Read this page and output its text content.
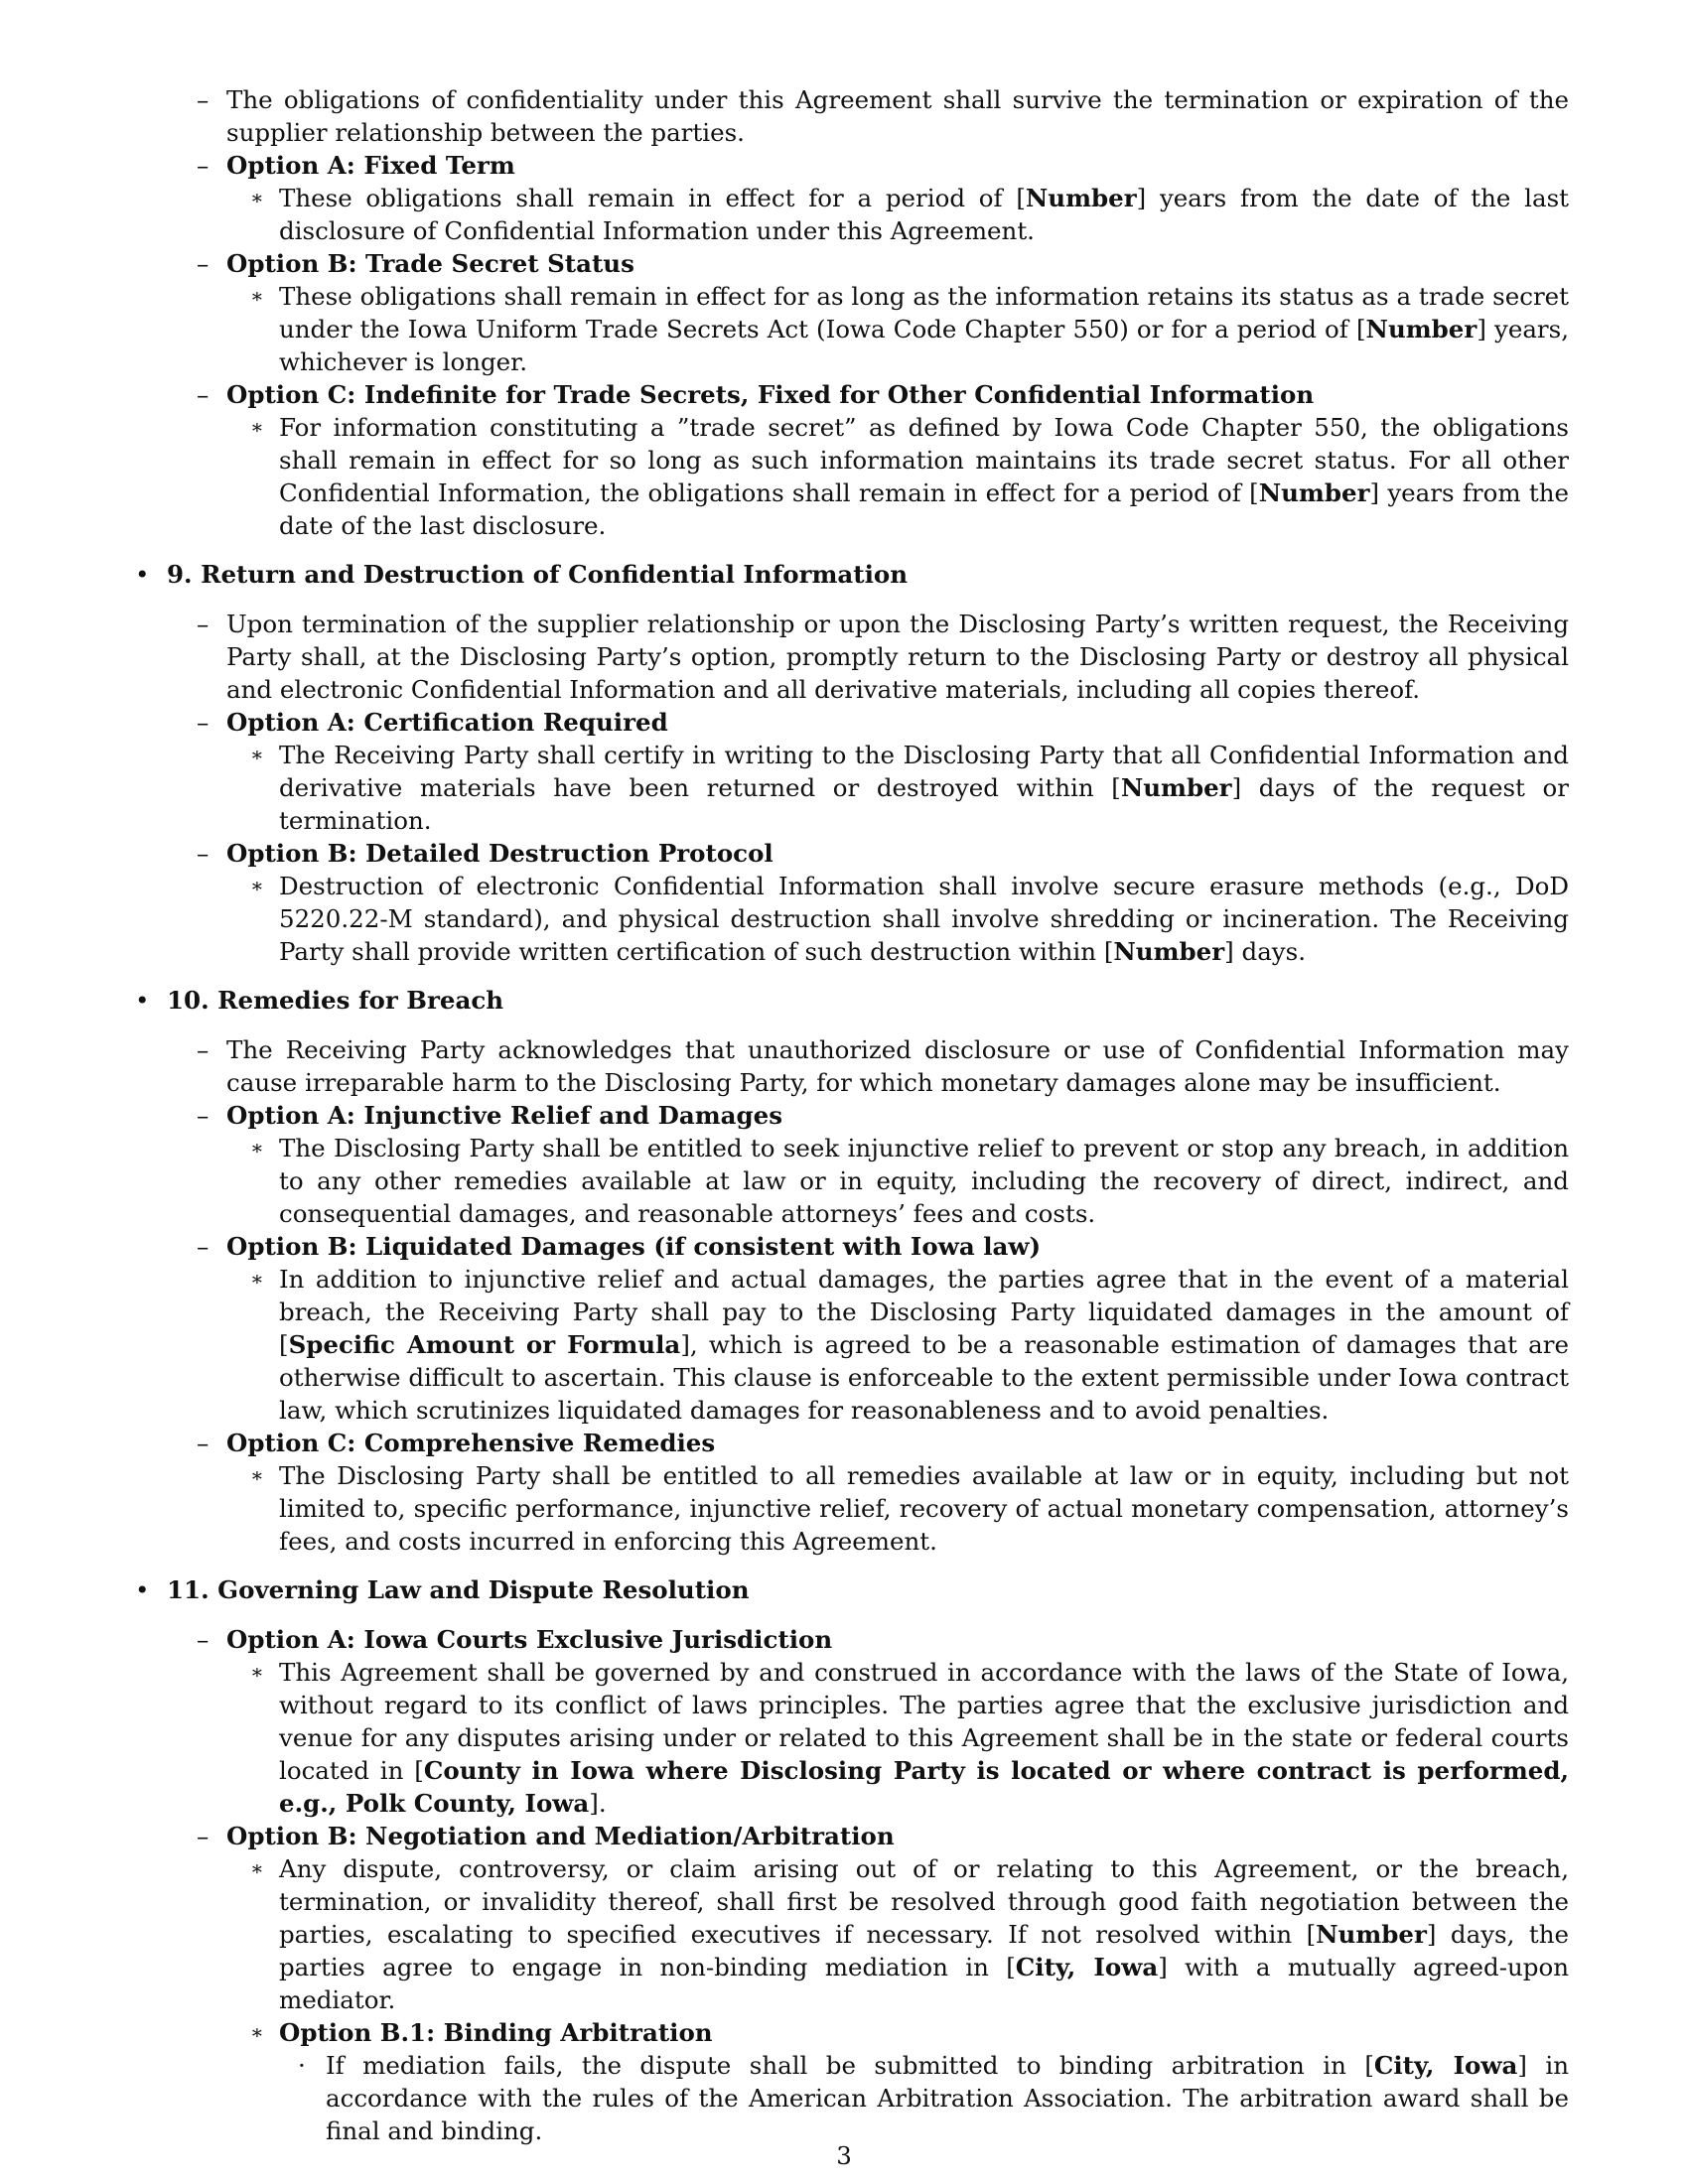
– The obligations of confidentiality under this Agreement shall survive the termination or expiration of the supplier relationship between the parties.
– Option A: Fixed Term
∗ These obligations shall remain in effect for a period of [Number] years from the date of the last disclosure of Confidential Information under this Agreement.
– Option B: Trade Secret Status
∗ These obligations shall remain in effect for as long as the information retains its status as a trade secret under the Iowa Uniform Trade Secrets Act (Iowa Code Chapter 550) or for a period of [Number] years, whichever is longer.
– Option C: Indefinite for Trade Secrets, Fixed for Other Confidential Information
∗ For information constituting a ”trade secret” as defined by Iowa Code Chapter 550, the obligations shall remain in effect for so long as such information maintains its trade secret status. For all other Confidential Information, the obligations shall remain in effect for a period of [Number] years from the date of the last disclosure.
• 9. Return and Destruction of Confidential Information
– Upon termination of the supplier relationship or upon the Disclosing Party’s written request, the Receiving Party shall, at the Disclosing Party’s option, promptly return to the Disclosing Party or destroy all physical and electronic Confidential Information and all derivative materials, including all copies thereof.
– Option A: Certification Required
∗ The Receiving Party shall certify in writing to the Disclosing Party that all Confidential Information and derivative materials have been returned or destroyed within [Number] days of the request or termination.
– Option B: Detailed Destruction Protocol
∗ Destruction of electronic Confidential Information shall involve secure erasure methods (e.g., DoD 5220.22-M standard), and physical destruction shall involve shredding or incineration. The Receiving Party shall provide written certification of such destruction within [Number] days.
• 10. Remedies for Breach
– The Receiving Party acknowledges that unauthorized disclosure or use of Confidential Information may cause irreparable harm to the Disclosing Party, for which monetary damages alone may be insufficient.
– Option A: Injunctive Relief and Damages
∗ The Disclosing Party shall be entitled to seek injunctive relief to prevent or stop any breach, in addition to any other remedies available at law or in equity, including the recovery of direct, indirect, and consequential damages, and reasonable attorneys’ fees and costs.
– Option B: Liquidated Damages (if consistent with Iowa law)
∗ In addition to injunctive relief and actual damages, the parties agree that in the event of a material breach, the Receiving Party shall pay to the Disclosing Party liquidated damages in the amount of [Specific Amount or Formula], which is agreed to be a reasonable estimation of damages that are otherwise difficult to ascertain. This clause is enforceable to the extent permissible under Iowa contract law, which scrutinizes liquidated damages for reasonableness and to avoid penalties.
– Option C: Comprehensive Remedies
∗ The Disclosing Party shall be entitled to all remedies available at law or in equity, including but not limited to, specific performance, injunctive relief, recovery of actual monetary compensation, attorney’s fees, and costs incurred in enforcing this Agreement.
• 11. Governing Law and Dispute Resolution
– Option A: Iowa Courts Exclusive Jurisdiction
∗ This Agreement shall be governed by and construed in accordance with the laws of the State of Iowa, without regard to its conflict of laws principles. The parties agree that the exclusive jurisdiction and venue for any disputes arising under or related to this Agreement shall be in the state or federal courts located in [County in Iowa where Disclosing Party is located or where contract is performed, e.g., Polk County, Iowa].
– Option B: Negotiation and Mediation/Arbitration
∗ Any dispute, controversy, or claim arising out of or relating to this Agreement, or the breach, termination, or invalidity thereof, shall first be resolved through good faith negotiation between the parties, escalating to specified executives if necessary. If not resolved within [Number] days, the parties agree to engage in non-binding mediation in [City, Iowa] with a mutually agreed-upon mediator.
∗ Option B.1: Binding Arbitration
· If mediation fails, the dispute shall be submitted to binding arbitration in [City, Iowa] in accordance with the rules of the American Arbitration Association. The arbitration award shall be final and binding.
3
